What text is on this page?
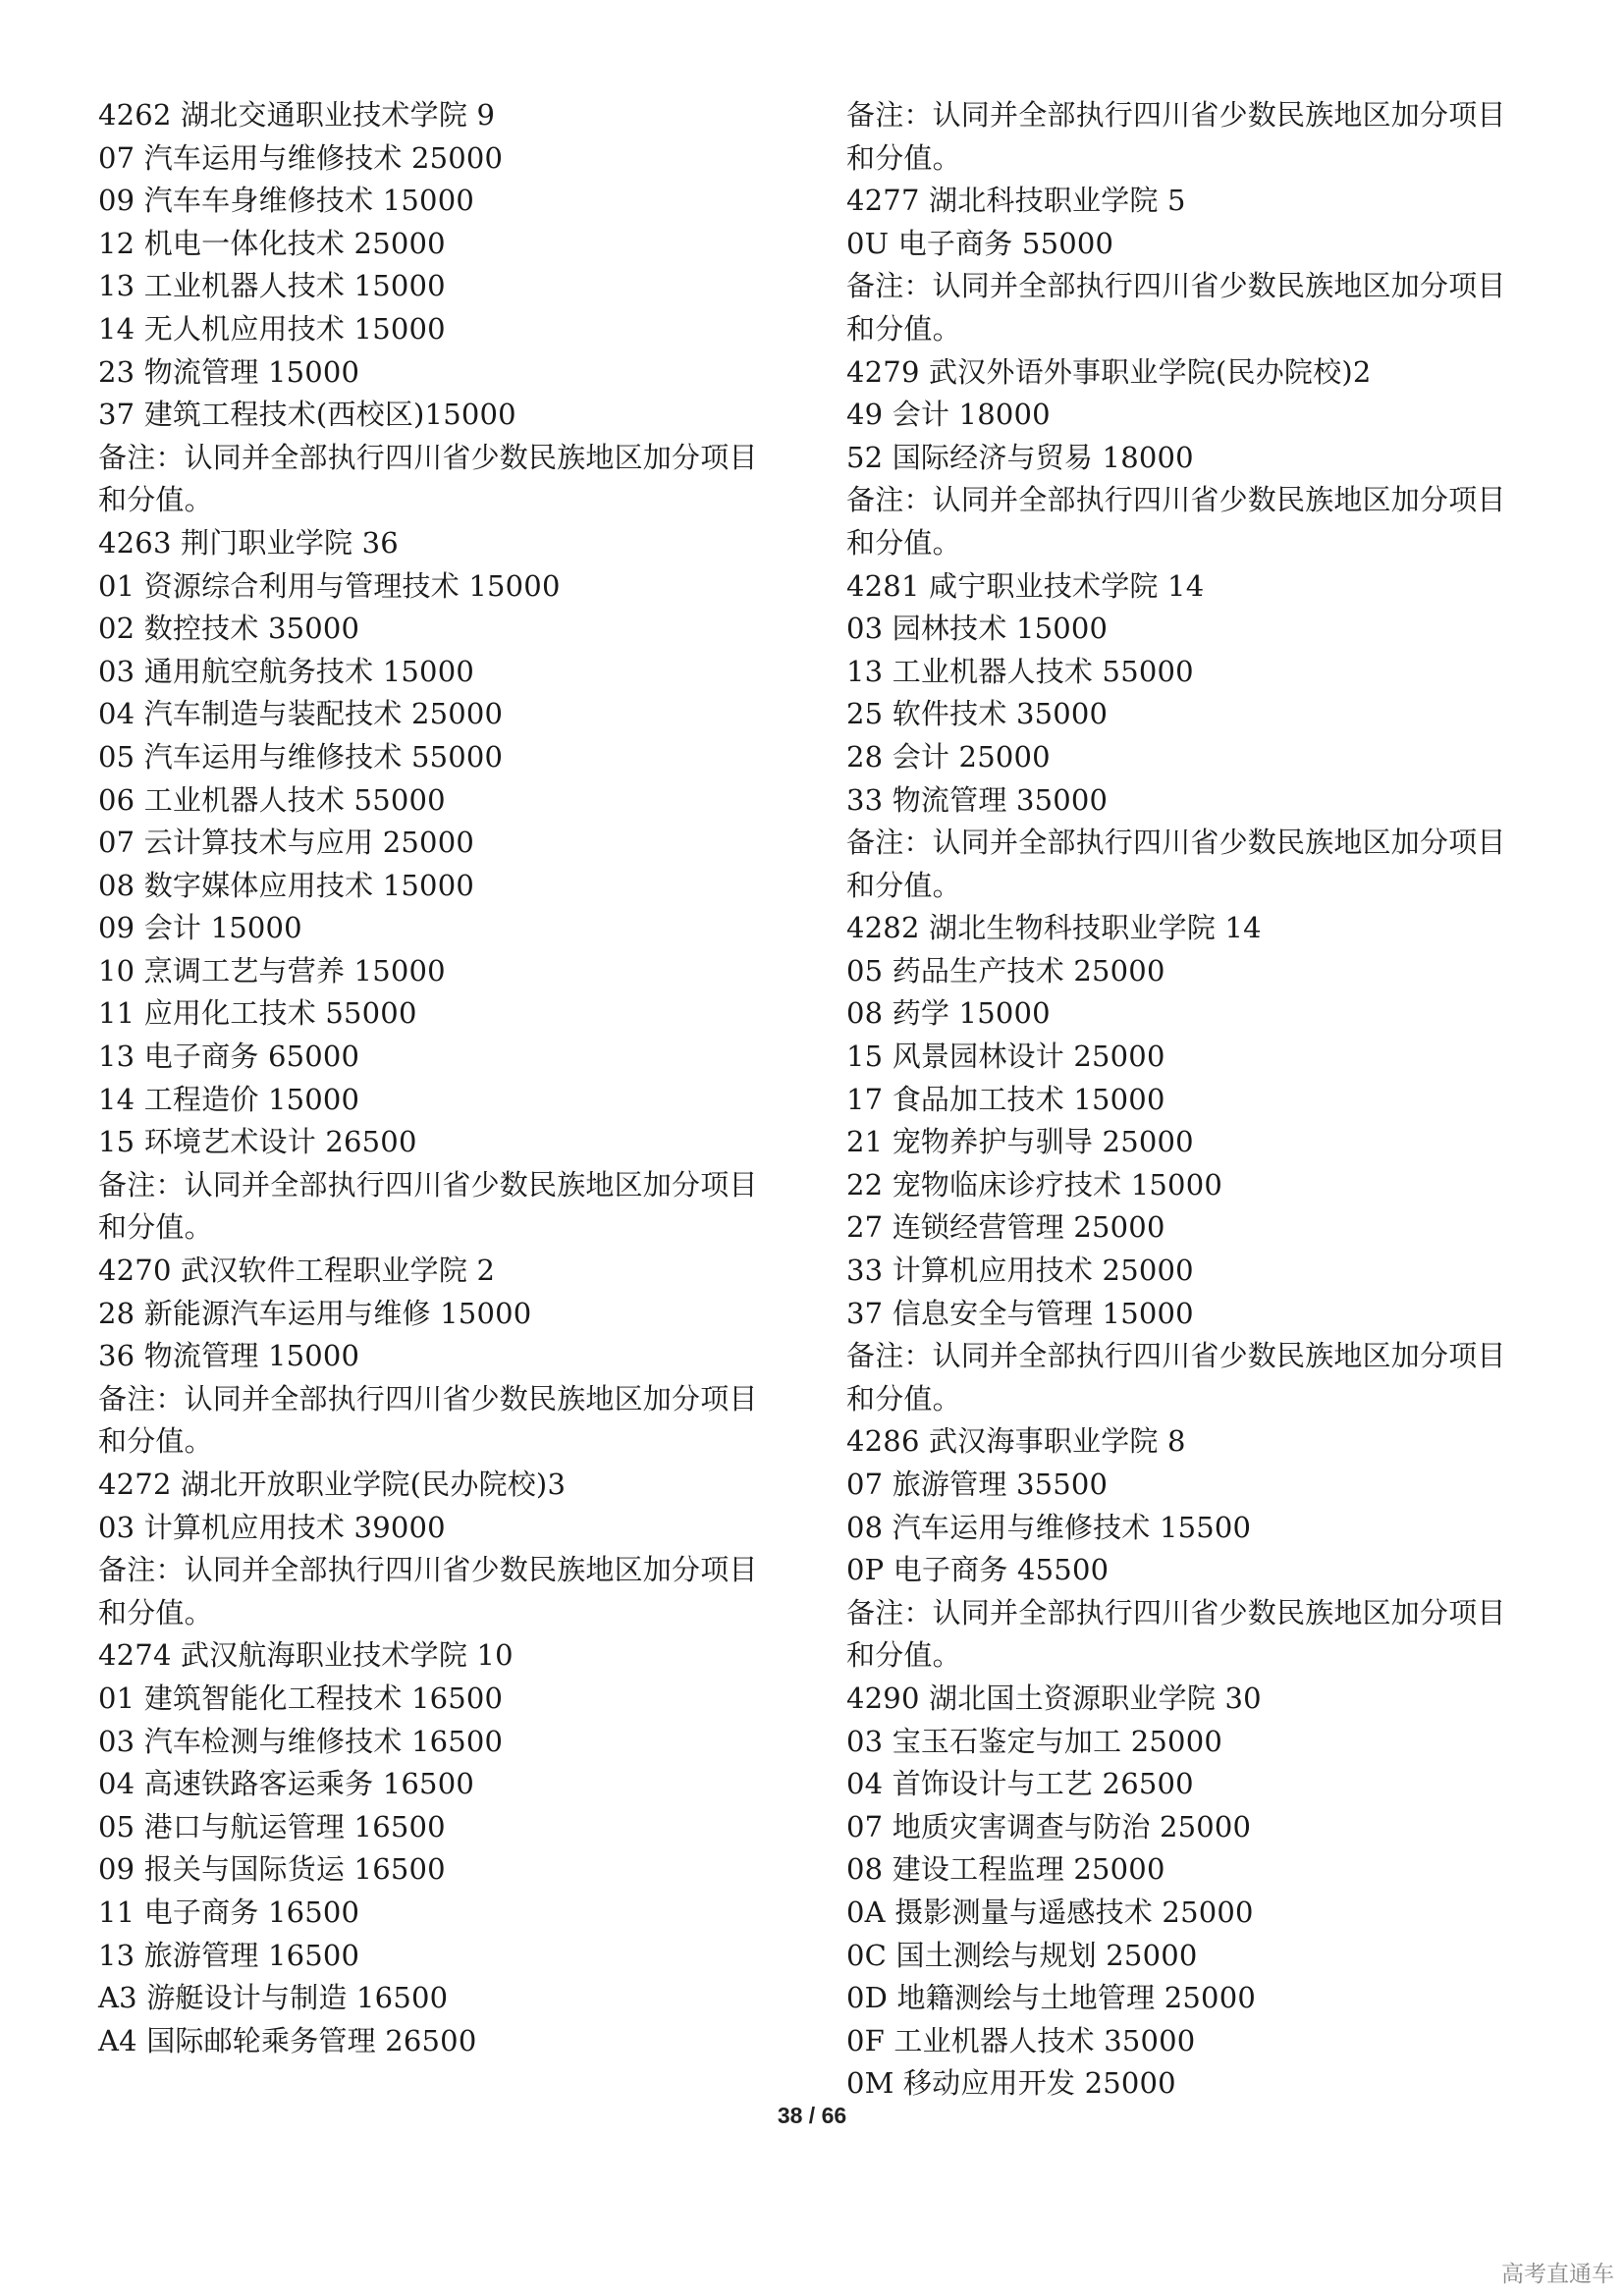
4262 湖北交通职业技术学院 9
07 汽车运用与维修技术 25000
09 汽车车身维修技术 15000
12 机电一体化技术 25000
13 工业机器人技术 15000
14 无人机应用技术 15000
23 物流管理 15000
37 建筑工程技术(西校区)15000
备注：认同并全部执行四川省少数民族地区加分项目
和分值。
4263 荆门职业学院 36
01 资源综合利用与管理技术 15000
02 数控技术 35000
03 通用航空航务技术 15000
04 汽车制造与装配技术 25000
05 汽车运用与维修技术 55000
06 工业机器人技术 55000
07 云计算技术与应用 25000
08 数字媒体应用技术 15000
09 会计 15000
10 烹调工艺与营养 15000
11 应用化工技术 55000
13 电子商务 65000
14 工程造价 15000
15 环境艺术设计 26500
备注：认同并全部执行四川省少数民族地区加分项目
和分值。
4270 武汉软件工程职业学院 2
28 新能源汽车运用与维修 15000
36 物流管理 15000
备注：认同并全部执行四川省少数民族地区加分项目
和分值。
4272 湖北开放职业学院(民办院校)3
03 计算机应用技术 39000
备注：认同并全部执行四川省少数民族地区加分项目
和分值。
4274 武汉航海职业技术学院 10
01 建筑智能化工程技术 16500
03 汽车检测与维修技术 16500
04 高速铁路客运乘务 16500
05 港口与航运管理 16500
09 报关与国际货运 16500
11 电子商务 16500
13 旅游管理 16500
A3 游艇设计与制造 16500
A4 国际邮轮乘务管理 26500
备注：认同并全部执行四川省少数民族地区加分项目
和分值。
4277 湖北科技职业学院 5
0U 电子商务 55000
备注：认同并全部执行四川省少数民族地区加分项目
和分值。
4279 武汉外语外事职业学院(民办院校)2
49 会计 18000
52 国际经济与贸易 18000
备注：认同并全部执行四川省少数民族地区加分项目
和分值。
4281 咸宁职业技术学院 14
03 园林技术 15000
13 工业机器人技术 55000
25 软件技术 35000
28 会计 25000
33 物流管理 35000
备注：认同并全部执行四川省少数民族地区加分项目
和分值。
4282 湖北生物科技职业学院 14
05 药品生产技术 25000
08 药学 15000
15 风景园林设计 25000
17 食品加工技术 15000
21 宠物养护与驯导 25000
22 宠物临床诊疗技术 15000
27 连锁经营管理 25000
33 计算机应用技术 25000
37 信息安全与管理 15000
备注：认同并全部执行四川省少数民族地区加分项目
和分值。
4286 武汉海事职业学院 8
07 旅游管理 35500
08 汽车运用与维修技术 15500
0P 电子商务 45500
备注：认同并全部执行四川省少数民族地区加分项目
和分值。
4290 湖北国土资源职业学院 30
03 宝玉石鉴定与加工 25000
04 首饰设计与工艺 26500
07 地质灾害调查与防治 25000
08 建设工程监理 25000
0A 摄影测量与遥感技术 25000
0C 国土测绘与规划 25000
0D 地籍测绘与土地管理 25000
0F 工业机器人技术 35000
0M 移动应用开发 25000
38 / 66
高考直通车
